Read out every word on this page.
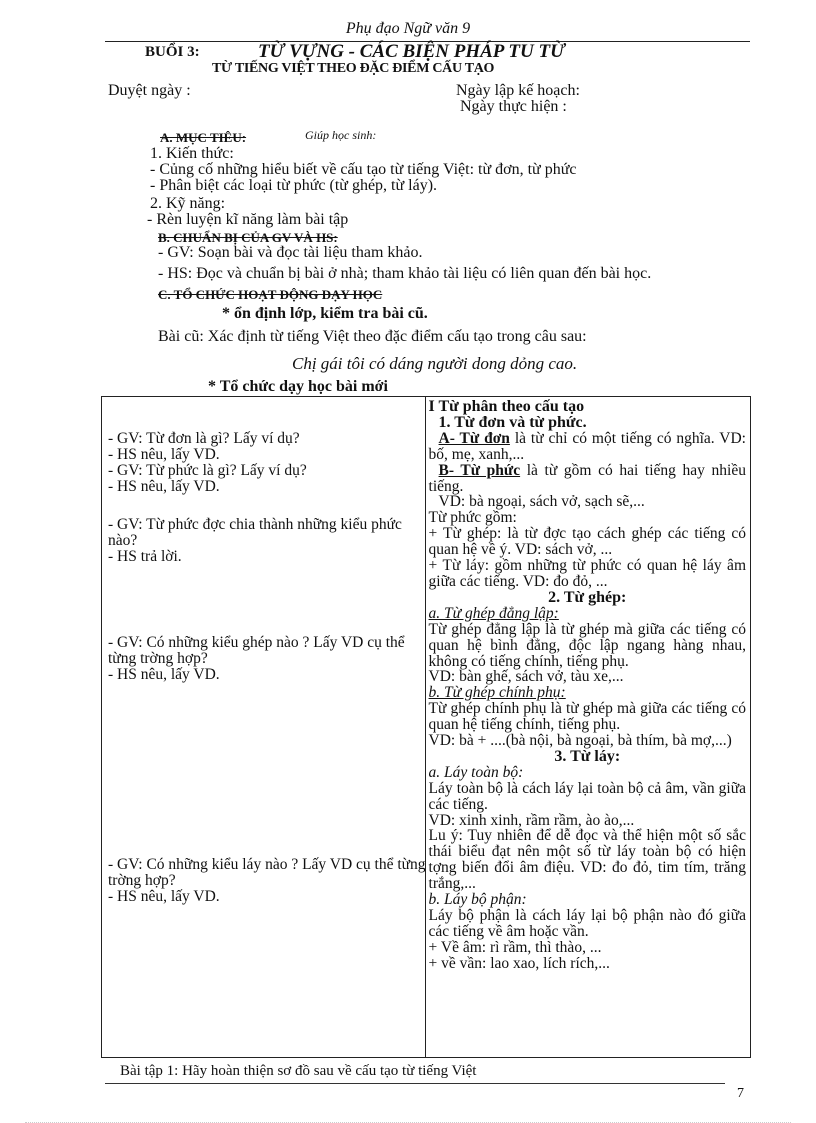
Phụ đạo Ngữ văn 9
BUỔI 3:	TỪ VỰNG - CÁC BIỆN PHÁP TU TỪ
TỪ TIẾNG VIỆT THEO ĐẶC ĐIỂM CẤU TẠO
Duyệt ngày :	Ngày lập kế hoạch:
Ngày thực hiện :
A. MỤC TIÊU:	Giúp học sinh:
1. Kiến thức:
- Củng cố những hiểu biết về cấu tạo từ tiếng Việt: từ đơn, từ phức
- Phân biệt các loại từ phức (từ ghép, từ láy).
2. Kỹ năng:
- Rèn luyện kĩ năng làm bài tập
B. CHUẨN BỊ CỦA GV VÀ HS:
- GV: Soạn bài và đọc tài liệu tham khảo.
- HS: Đọc và chuẩn bị bài ở nhà; tham khảo tài liệu có liên quan đến bài học.
C. TỔ CHỨC HOẠT ĐỘNG DẠY HỌC
* ổn định lớp, kiểm tra bài cũ.
Bài cũ: Xác định từ tiếng Việt theo đặc điểm cấu tạo trong câu sau:
Chị gái tôi có dáng người dong dỏng cao.
* Tổ chức dạy học bài mới
- GV: Từ đơn là gì? Lấy ví dụ?
- HS nêu, lấy VD.
- GV: Từ phức là gì? Lấy ví dụ?
- HS nêu, lấy VD.
- GV: Từ phức đợc chia thành những kiểu phức nào?
- HS trả lời.
- GV: Có những kiểu ghép nào ? Lấy VD cụ thể từng trờng hợp?
- HS nêu, lấy VD.
- GV: Có những kiểu láy nào ? Lấy VD cụ thể từng trờng hợp?
- HS nêu, lấy VD.

I Từ phân theo cấu tạo
1. Từ đơn và từ phức.
A- Từ đơn là từ chỉ có một tiếng có nghĩa. VD: bố, mẹ, xanh,...
B- Từ phức là từ gồm có hai tiếng hay nhiều tiếng.
VD: bà ngoại, sách vở, sạch sẽ,...
Từ phức gồm:
+ Từ ghép: là từ đợc tạo cách ghép các tiếng có quan hệ về ý. VD: sách vở, ...
+ Từ láy: gồm những từ phức có quan hệ láy âm giữa các tiếng. VD: đo đỏ, ...
2. Từ ghép:
a. Từ ghép đẳng lập:
Từ ghép đẳng lập là từ ghép mà giữa các tiếng có quan hệ bình đẳng, độc lập ngang hàng nhau, không có tiếng chính, tiếng phụ.
VD: bàn ghế, sách vở, tàu xe,...
b. Từ ghép chính phụ:
Từ ghép chính phụ là từ ghép mà giữa các tiếng có quan hệ tiếng chính, tiếng phụ.
VD: bà + ....(bà nội, bà ngoại, bà thím, bà mợ,...)
3. Từ láy:
a. Láy toàn bộ:
Láy toàn bộ là cách láy lại toàn bộ cả âm, vần giữa các tiếng.
VD: xinh xinh, rầm rầm, ào ào,...
Lu ý: Tuy nhiên để dễ đọc và thể hiện một số sắc thái biểu đạt nên một số từ láy toàn bộ có hiện tợng biến đổi âm điệu. VD: đo đỏ, tim tím, trăng trắng,...
b. Láy bộ phận:
Láy bộ phận là cách láy lại bộ phận nào đó giữa các tiếng về âm hoặc vần.
+ Về âm: rì rầm, thì thào, ...
+ về vần: lao xao, lích rích,...
Bài tập 1: Hãy hoàn thiện sơ đồ sau về cấu tạo từ tiếng Việt
7
